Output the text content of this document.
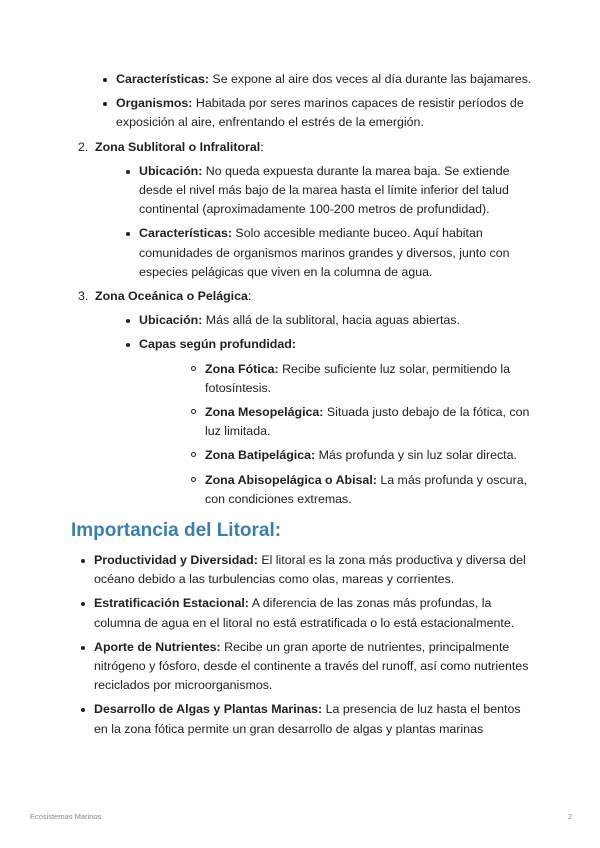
Características: Se expone al aire dos veces al día durante las bajamares.
Organismos: Habitada por seres marinos capaces de resistir períodos de exposición al aire, enfrentando el estrés de la emergión.
2. Zona Sublitoral o Infralitoral:
Ubicación: No queda expuesta durante la marea baja. Se extiende desde el nivel más bajo de la marea hasta el límite inferior del talud continental (aproximadamente 100-200 metros de profundidad).
Características: Solo accesible mediante buceo. Aquí habitan comunidades de organismos marinos grandes y diversos, junto con especies pelágicas que viven en la columna de agua.
3. Zona Oceánica o Pelágica:
Ubicación: Más allá de la sublitoral, hacia aguas abiertas.
Capas según profundidad:
Zona Fótica: Recibe suficiente luz solar, permitiendo la fotosíntesis.
Zona Mesopelágica: Situada justo debajo de la fótica, con luz limitada.
Zona Batipelágica: Más profunda y sin luz solar directa.
Zona Abisopelágica o Abisal: La más profunda y oscura, con condiciones extremas.
Importancia del Litoral:
Productividad y Diversidad: El litoral es la zona más productiva y diversa del océano debido a las turbulencias como olas, mareas y corrientes.
Estratificación Estacional: A diferencia de las zonas más profundas, la columna de agua en el litoral no está estratificada o lo está estacionalmente.
Aporte de Nutrientes: Recibe un gran aporte de nutrientes, principalmente nitrógeno y fósforo, desde el continente a través del runoff, así como nutrientes reciclados por microorganismos.
Desarrollo de Algas y Plantas Marinas: La presencia de luz hasta el bentos en la zona fótica permite un gran desarrollo de algas y plantas marinas
Ecosistemas Marinos	2
